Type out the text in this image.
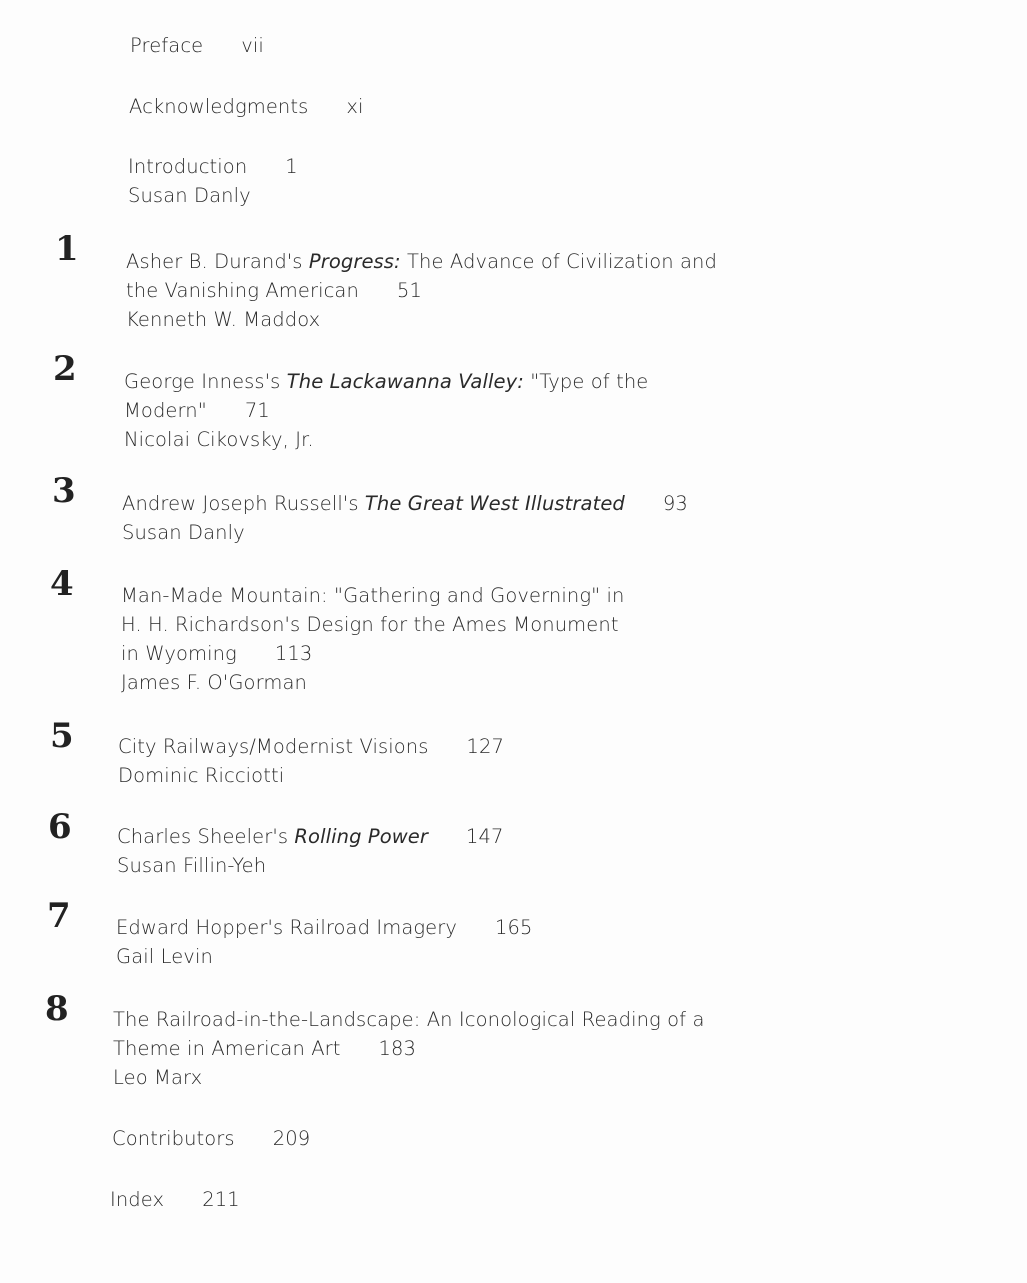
Preface vii
Acknowledgments xi
Introduction 1
Susan Danly
1 Asher B. Durand's Progress: The Advance of Civilization and
the Vanishing American 51
Kenneth W. Maddox
2 George Inness's The Lackawanna Valley: "Type of the
Modern" 71
Nicolai Cikovsky, Jr.
3 Andrew Joseph Russell's The Great West Illustrated 93
Susan Danly
4 Man-Made Mountain: "Gathering and Governing" in
H. H. Richardson's Design for the Ames Monument
in Wyoming 113
James F. O'Gorman
5 City Railways/Modernist Visions 127
Dominic Ricciotti
6 Charles Sheeler's Rolling Power 147
Susan Fillin-Yeh
7 Edward Hopper's Railroad Imagery 165
Gail Levin
8 The Railroad-in-the-Landscape: An Iconological Reading of a
Theme in American Art 183
Leo Marx
Contributors 209
Index 211
